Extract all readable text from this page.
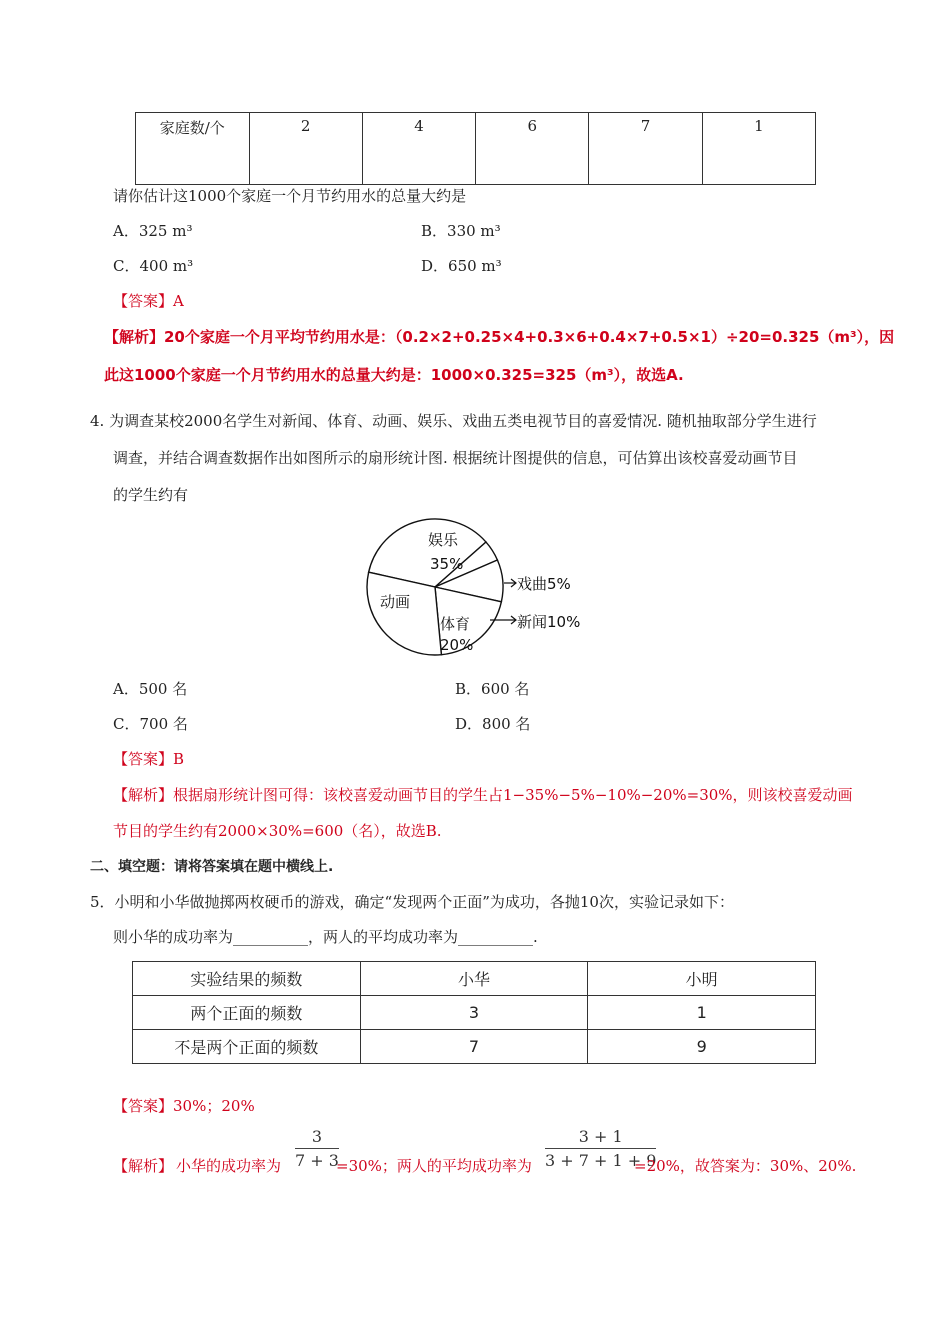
家庭数/个	2	4	6	7	1
请你估计这1000个家庭一个月节约用水的总量大约是
A．325 m³	B．330 m³
C．400 m³	D．650 m³
【答案】A
【解析】20个家庭一个月平均节约用水是：（0.2×2+0.25×4+0.3×6+0.4×7+0.5×1）÷20=0.325（m³），因
此这1000个家庭一个月节约用水的总量大约是：1000×0.325=325（m³），故选A.
4. 为调查某校2000名学生对新闻、体育、动画、娱乐、戏曲五类电视节目的喜爱情况. 随机抽取部分学生进行
调查，并结合调查数据作出如图所示的扇形统计图. 根据统计图提供的信息，可估算出该校喜爱动画节目
的学生约有
娱乐
35%
动画
体育
20%
戏曲5%
新闻10%
A．500 名	B．600 名
C．700 名	D．800 名
【答案】B
【解析】根据扇形统计图可得：该校喜爱动画节目的学生占1−35%−5%−10%−20%=30%，则该校喜爱动画
节目的学生约有2000×30%=600（名），故选B.
二、填空题：请将答案填在题中横线上.
5．小明和小华做抛掷两枚硬币的游戏，确定“发现两个正面”为成功，各抛10次，实验记录如下：
则小华的成功率为__________，两人的平均成功率为__________.
实验结果的频数	小华	小明
两个正面的频数	3	1
不是两个正面的频数	7	9
【答案】30%；20%
【解析】 小华的成功率为 $\frac{3}{7 + 3}$
=30%；两人的平均成功率为 $\frac{3 + 1}{3 + 7 + 1 + 9}$
=20%，故答案为：30%、20%.
